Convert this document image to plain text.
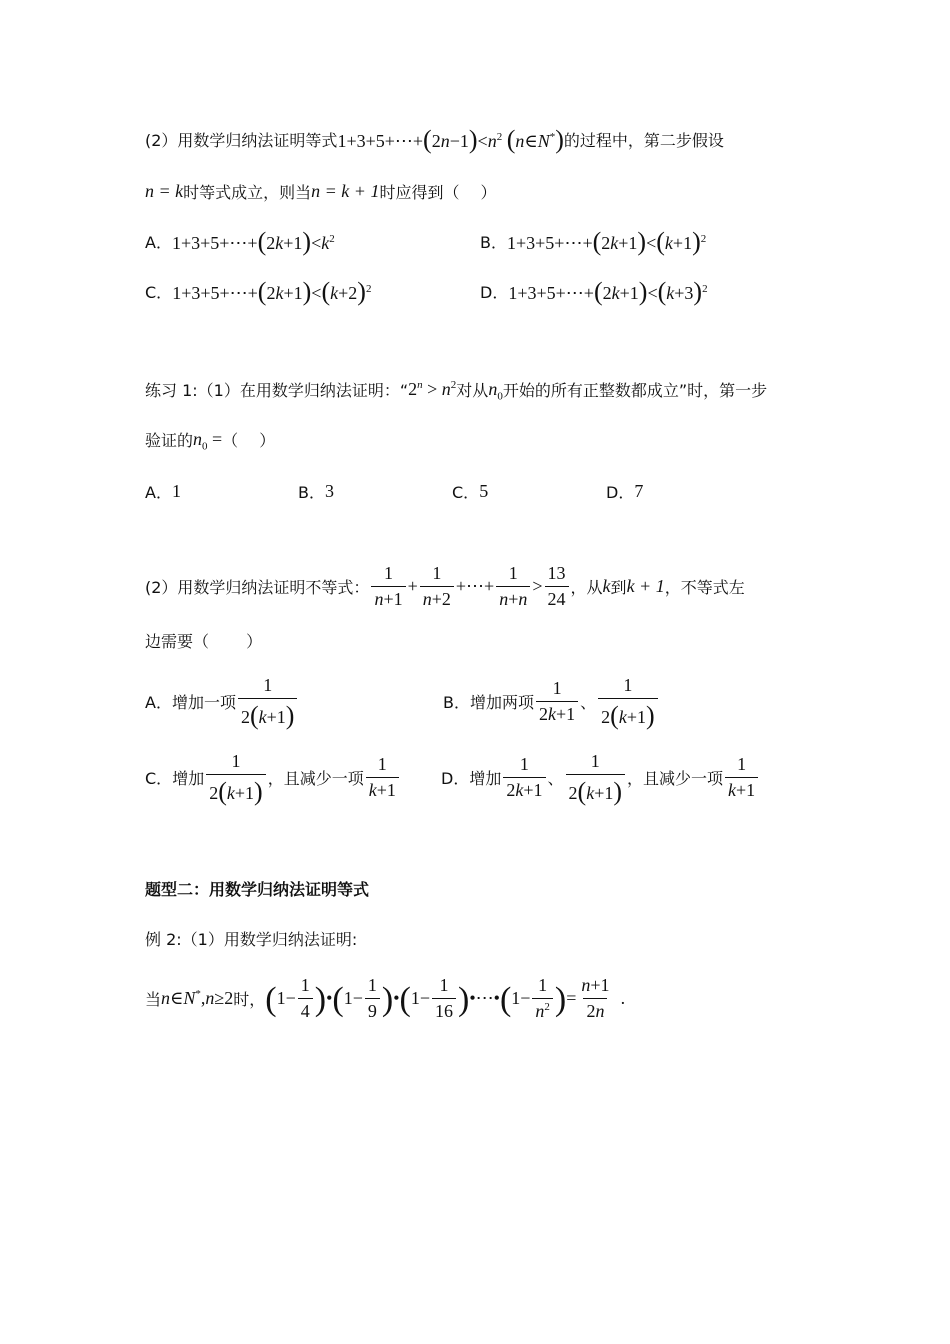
(2）用数学归纳法证明等式 $1+3+5+\cdots+(2n-1)<n^2$ (n∈N*) 的过程中，第二步假设
n = k 时等式成立，则当 n = k + 1 时应得到（　 ）
A． $1+3+5+\cdots+(2k+1)<k^2$	B． $1+3+5+\cdots+(2k+1)<(k+1)^2$
C． $1+3+5+\cdots+(2k+1)<(k+2)^2$	D． $1+3+5+\cdots+(2k+1)<(k+3)^2$
练习 1:（1）在用数学归纳法证明：“ $2^n > n^2$ 对从 $n_0$ 开始的所有正整数都成立”时，第一步
验证的 $n_0$ = （　 ）
A． 1	B． 3	C． 5	D． 7
(2）用数学归纳法证明不等式： $\frac{1}{n+1} + \frac{1}{n+2}$ +⋯+ $\frac{1}{n+n} > \frac{13}{24}$ ，从 k 到 k + 1 ，不等式左
边需要（　　 ）
A． 增加一项 $\frac{1}{2(k+1)}$	B． 增加两项 $\frac{1}{2k+1}$ 、 $\frac{1}{2(k+1)}$
C． 增加 $\frac{1}{2(k+1)}$ ，且减少一项 $\frac{1}{k+1}$	D． 增加 $\frac{1}{2k+1}$ 、 $\frac{1}{2(k+1)}$ ，且减少一项 $\frac{1}{k+1}$
题型二：用数学归纳法证明等式
例 2:（1）用数学归纳法证明:
当 n∈N*,n≥2 时， ( $1- \frac{1}{4}$ ) • ( $1- \frac{1}{9}$ ) • ( $1- \frac{1}{16}$ ) •⋯• ( $1- \frac{1}{n^2}$ ) = $\frac{n+1}{2n}$ .
